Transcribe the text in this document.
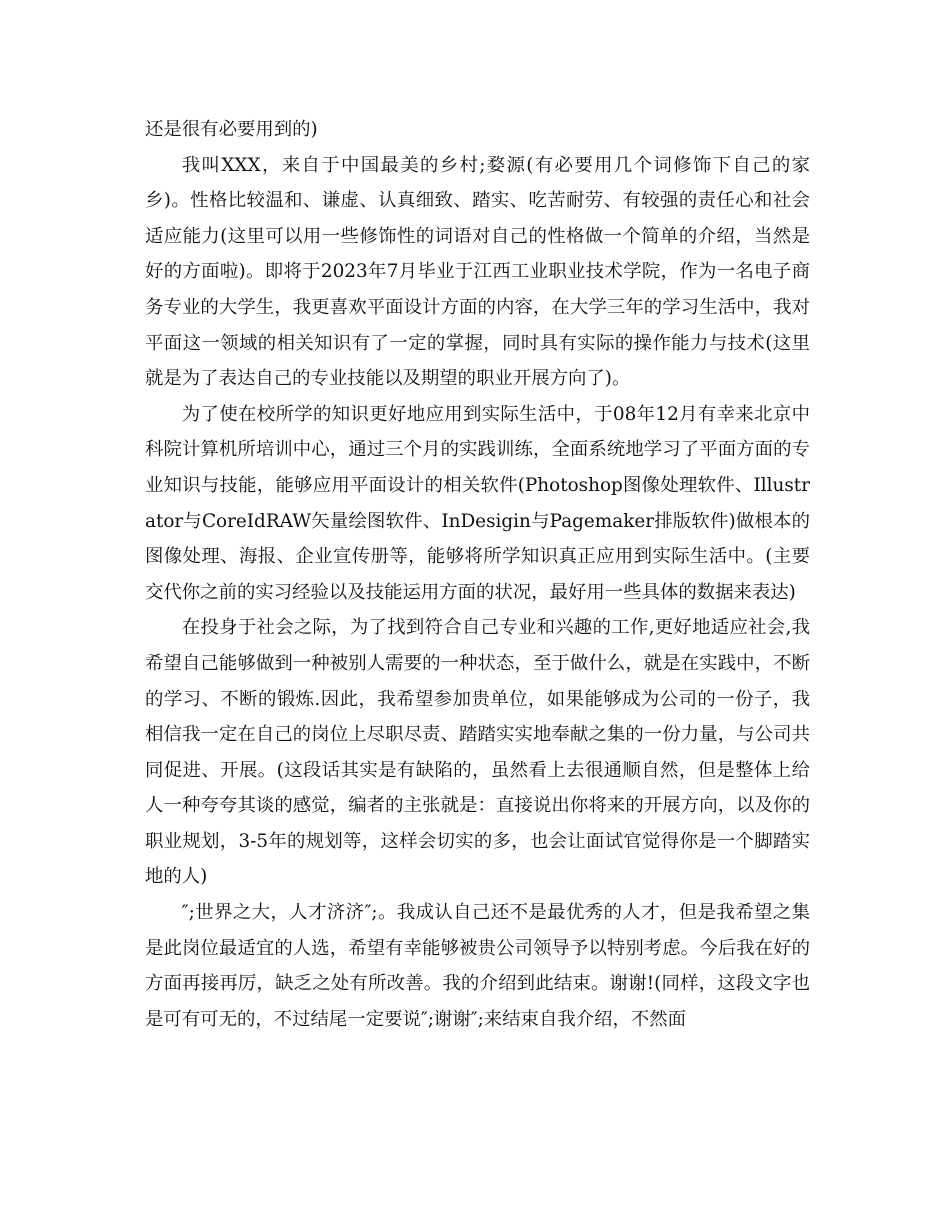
还是很有必要用到的)

我叫XXX，来自于中国最美的乡村;婺源(有必要用几个词修饰下自己的家乡)。性格比较温和、谦虚、认真细致、踏实、吃苦耐劳、有较强的责任心和社会适应能力(这里可以用一些修饰性的词语对自己的性格做一个简单的介绍，当然是好的方面啦)。即将于2023年7月毕业于江西工业职业技术学院，作为一名电子商务专业的大学生，我更喜欢平面设计方面的内容，在大学三年的学习生活中，我对平面这一领域的相关知识有了一定的掌握，同时具有实际的操作能力与技术(这里就是为了表达自己的专业技能以及期望的职业开展方向了)。

为了使在校所学的知识更好地应用到实际生活中，于08年12月有幸来北京中科院计算机所培训中心，通过三个月的实践训练，全面系统地学习了平面方面的专业知识与技能，能够应用平面设计的相关软件(Photoshop图像处理软件、Illustrator与CoreIdRAW矢量绘图软件、InDesigin与Pagemaker排版软件)做根本的图像处理、海报、企业宣传册等，能够将所学知识真正应用到实际生活中。(主要交代你之前的实习经验以及技能运用方面的状况，最好用一些具体的数据来表达)

在投身于社会之际，为了找到符合自己专业和兴趣的工作,更好地适应社会,我希望自己能够做到一种被别人需要的一种状态，至于做什么，就是在实践中，不断的学习、不断的锻炼.因此，我希望参加贵单位，如果能够成为公司的一份子，我相信我一定在自己的岗位上尽职尽责、踏踏实实地奉献之集的一份力量，与公司共同促进、开展。(这段话其实是有缺陷的，虽然看上去很通顺自然，但是整体上给人一种夸夸其谈的感觉，编者的主张就是：直接说出你将来的开展方向，以及你的职业规划，3-5年的规划等，这样会切实的多，也会让面试官觉得你是一个脚踏实地的人)

″;世界之大，人才济济″;。我成认自己还不是最优秀的人才，但是我希望之集是此岗位最适宜的人选，希望有幸能够被贵公司领导予以特别考虑。今后我在好的方面再接再厉，缺乏之处有所改善。我的介绍到此结束。谢谢!(同样，这段文字也是可有可无的，不过结尾一定要说″;谢谢″;来结束自我介绍，不然面
